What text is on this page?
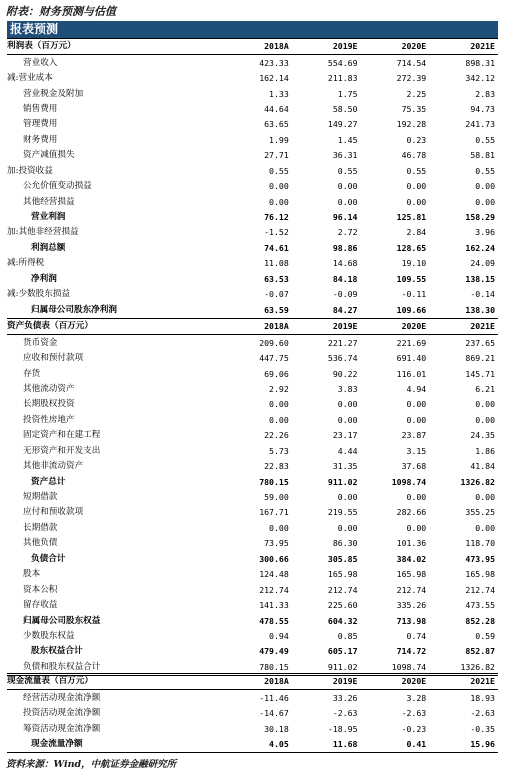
附表：财务预测与估值
报表预测
利润表（百万元）	2018A	2019E	2020E	2021E
营业收入	423.33	554.69	714.54	898.31
减:营业成本	162.14	211.83	272.39	342.12
营业税金及附加	1.33	1.75	2.25	2.83
销售费用	44.64	58.50	75.35	94.73
管理费用	63.65	149.27	192.28	241.73
财务费用	1.99	1.45	0.23	0.55
资产减值损失	27.71	36.31	46.78	58.81
加:投资收益	0.55	0.55	0.55	0.55
公允价值变动损益	0.00	0.00	0.00	0.00
其他经营损益	0.00	0.00	0.00	0.00
营业利润	76.12	96.14	125.81	158.29
加:其他非经营损益	-1.52	2.72	2.84	3.96
利润总额	74.61	98.86	128.65	162.24
减:所得税	11.08	14.68	19.10	24.09
净利润	63.53	84.18	109.55	138.15
减:少数股东损益	-0.07	-0.09	-0.11	-0.14
归属母公司股东净利润	63.59	84.27	109.66	138.30
资产负债表（百万元）	2018A	2019E	2020E	2021E
货币资金	209.60	221.27	221.69	237.65
应收和预付款项	447.75	536.74	691.40	869.21
存货	69.06	90.22	116.01	145.71
其他流动资产	2.92	3.83	4.94	6.21
长期股权投资	0.00	0.00	0.00	0.00
投资性房地产	0.00	0.00	0.00	0.00
固定资产和在建工程	22.26	23.17	23.87	24.35
无形资产和开发支出	5.73	4.44	3.15	1.86
其他非流动资产	22.83	31.35	37.68	41.84
资产总计	780.15	911.02	1098.74	1326.82
短期借款	59.00	0.00	0.00	0.00
应付和预收款项	167.71	219.55	282.66	355.25
长期借款	0.00	0.00	0.00	0.00
其他负债	73.95	86.30	101.36	118.70
负债合计	300.66	305.85	384.02	473.95
股本	124.48	165.98	165.98	165.98
资本公积	212.74	212.74	212.74	212.74
留存收益	141.33	225.60	335.26	473.55
归属母公司股东权益	478.55	604.32	713.98	852.28
少数股东权益	0.94	0.85	0.74	0.59
股东权益合计	479.49	605.17	714.72	852.87
负债和股东权益合计	780.15	911.02	1098.74	1326.82
现金流量表（百万元）	2018A	2019E	2020E	2021E
经营活动现金流净额	-11.46	33.26	3.28	18.93
投资活动现金流净额	-14.67	-2.63	-2.63	-2.63
筹资活动现金流净额	30.18	-18.95	-0.23	-0.35
现金流量净额	4.05	11.68	0.41	15.96
资料来源：Wind，中航证券金融研究所
